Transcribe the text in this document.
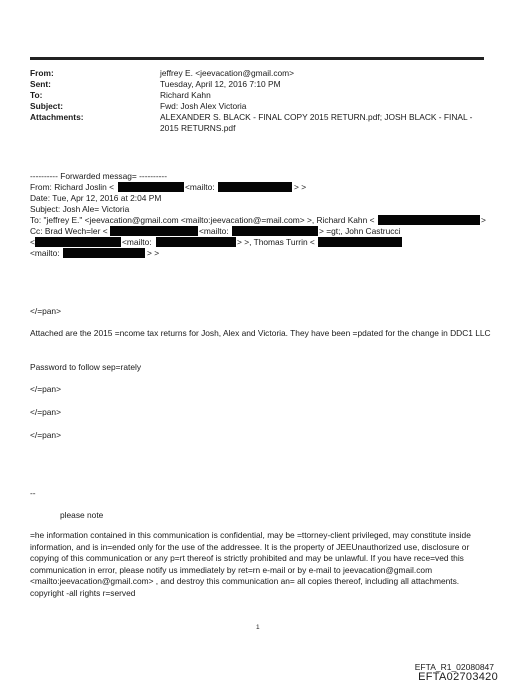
From:	jeffrey E. <jeevacation@gmail.com>
Sent:	Tuesday, April 12, 2016 7:10 PM
To:	Richard Kahn
Subject:	Fwd: Josh Alex Victoria
Attachments:	ALEXANDER S. BLACK - FINAL COPY 2015 RETURN.pdf; JOSH BLACK - FINAL - 2015 RETURNS.pdf
---------- Forwarded messag= ----------
From: Richard Joslin <	<mailto:	> >
Date: Tue, Apr 12, 2016 at 2:04 PM
Subject: Josh Ale= Victoria
To: "jeffrey E." <jeevacation@gmail.com <mailto:jeevacation@=mail.com> >, Richard Kahn <	>
Cc: Brad Wech=ler <	<mailto:	> =gt;, John Castrucci
<	<mailto:	> >, Thomas Turrin <
<mailto:	> >
</=pan>
Attached are the 2015 =ncome tax returns for Josh, Alex and Victoria. They have been =pdated for the change in DDC1 LLC
Password to follow sep=rately
</=pan>
</=pan>
</=pan>
--
please note
=he information contained in this communication is confidential, may be =ttorney-client privileged, may constitute inside information, and is in=ended only for the use of the addressee. It is the property of JEEUnauthorized use, disclosure or copying of this communication or any p=rt thereof is strictly prohibited and may be unlawful. If you have rece=ved this communication in error, please notify us immediately by ret=rn e-mail or by e-mail to jeevacation@gmail.com <mailto:jeevacation@gmail.com> , and destroy this communication an= all copies thereof, including all attachments. copyright -all rights r=served
1
EFTA_R1_02080847
EFTA02703420
